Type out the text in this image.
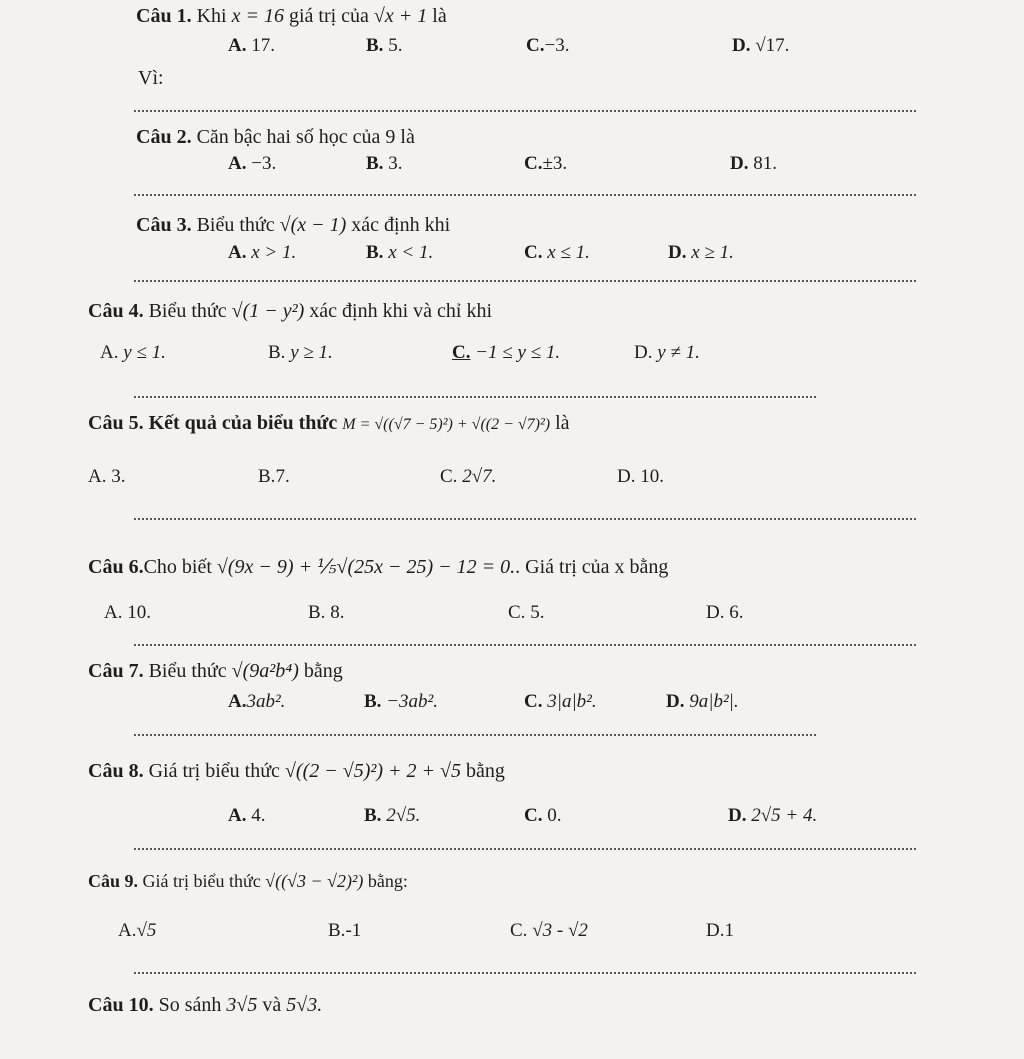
Câu 1. Khi x = 16 giá trị của √x + 1 là
A. 17.	B. 5.	C.−3.	D. √17.
Vì:
Câu 2. Căn bậc hai số học của 9 là
A. −3.	B. 3.	C.±3.	D. 81.
Câu 3. Biểu thức √(x − 1) xác định khi
A. x > 1.	B. x < 1.	C. x ≤ 1.	D. x ≥ 1.
Câu 4. Biểu thức √(1 − y²) xác định khi và chỉ khi
A. y ≤ 1.	B. y ≥ 1.	C. −1 ≤ y ≤ 1.	D. y ≠ 1.
Câu 5. Kết quả của biểu thức M = √((√7 − 5)²) + √((2 − √7)²) là
A. 3.	B.7.	C. 2√7.	D. 10.
Câu 6.Cho biết √(9x − 9) + ⅕√(25x − 25) − 12 = 0.. Giá trị của x bằng
A. 10.	B. 8.	C. 5.	D. 6.
Câu 7. Biểu thức √(9a²b⁴) bằng
A.3ab².	B. −3ab².	C. 3|a|b².	D. 9a|b²|.
Câu 8. Giá trị biểu thức √((2 − √5)²) + 2 + √5 bằng
A. 4.	B. 2√5.	C. 0.	D. 2√5 + 4.
Câu 9. Giá trị biểu thức √((√3 − √2)²) bằng:
A.√5	B.-1	C. √3 - √2	D.1
Câu 10. So sánh 3√5 và 5√3.
